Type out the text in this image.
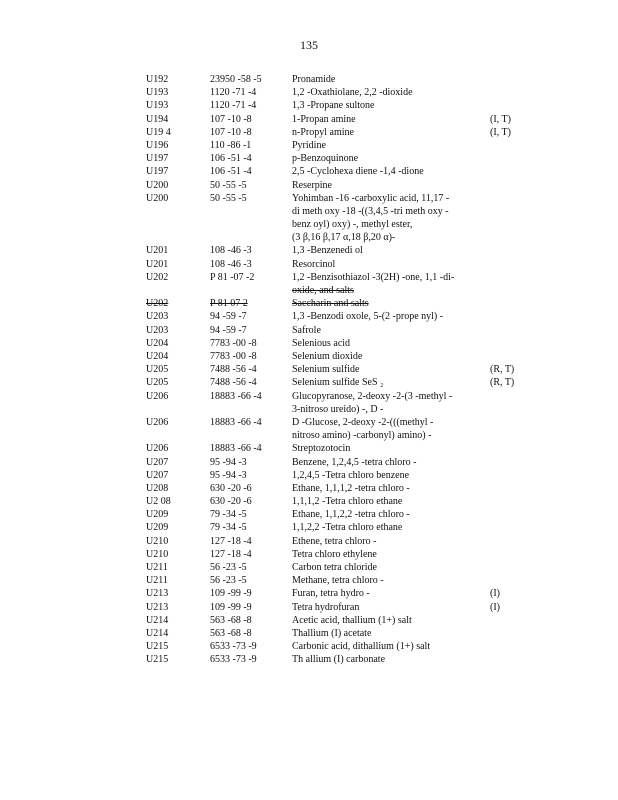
135
U192	23950 -58 -5	Pronamide
U193	1120 -71 -4	1,2 -Oxathiolane, 2,2 -dioxide
U193	1120 -71 -4	1,3 -Propane sultone
U194	107 -10 -8	1-Propan amine	(I, T)
U19 4	107 -10 -8	n-Propyl amine	(I, T)
U196	110 -86 -1	Pyridine
U197	106 -51 -4	p-Benzoquinone
U197	106 -51 -4	2,5 -Cyclohexa diene -1,4 -dione
U200	50 -55 -5	Reserpine
U200	50 -55 -5	Yohimban -16 -carboxylic acid, 11,17 -
di meth oxy -18 -((3,4,5 -tri meth oxy -
benz oyl) oxy) -, methyl ester,
(3 β,16 β,17 α,18 β,20 α)-
U201	108 -46 -3	1,3 -Benzenedi ol
U201	108 -46 -3	Resorcinol
U202	P 81 -07 -2	1,2 -Benzisothiazol -3(2H) -one, 1,1 -di-
oxide, and salts
U202	P 81 07 2	Saccharin and salts
U203	94 -59 -7	1,3 -Benzodi oxole, 5-(2 -prope nyl) -
U203	94 -59 -7	Safrole
U204	7783 -00 -8	Selenious acid
U204	7783 -00 -8	Selenium dioxide
U205	7488 -56 -4	Selenium sulfide	(R, T)
U205	7488 -56 -4	Selenium sulfide SeS ₂	(R, T)
U206	18883 -66 -4	Glucopyranose, 2-deoxy -2-(3 -methyl -
3-nitroso ureido) -, D -
U206	18883 -66 -4	D -Glucose, 2-deoxy -2-(((methyl -
nitroso amino) -carbonyl) amino) -
U206	18883 -66 -4	Streptozotocin
U207	95 -94 -3	Benzene, 1,2,4,5 -tetra chloro -
U207	95 -94 -3	1,2,4,5 -Tetra chloro benzene
U208	630 -20 -6	Ethane, 1,1,1,2 -tetra chloro -
U2 08	630 -20 -6	1,1,1,2 -Tetra chloro ethane
U209	79 -34 -5	Ethane, 1,1,2,2 -tetra chloro -
U209	79 -34 -5	1,1,2,2 -Tetra chloro ethane
U210	127 -18 -4	Ethene, tetra chloro -
U210	127 -18 -4	Tetra chloro ethylene
U211	56 -23 -5	Carbon tetra chloride
U211	56 -23 -5	Methane, tetra chloro -
U213	109 -99 -9	Furan, tetra hydro -	(I)
U213	109 -99 -9	Tetra hydrofuran	(I)
U214	563 -68 -8	Acetic acid, thallium (1+) salt
U214	563 -68 -8	Thallium (I) acetate
U215	6533 -73 -9	Carbonic acid, dithallium (1+) salt
U215	6533 -73 -9	Th allium (I) carbonate
